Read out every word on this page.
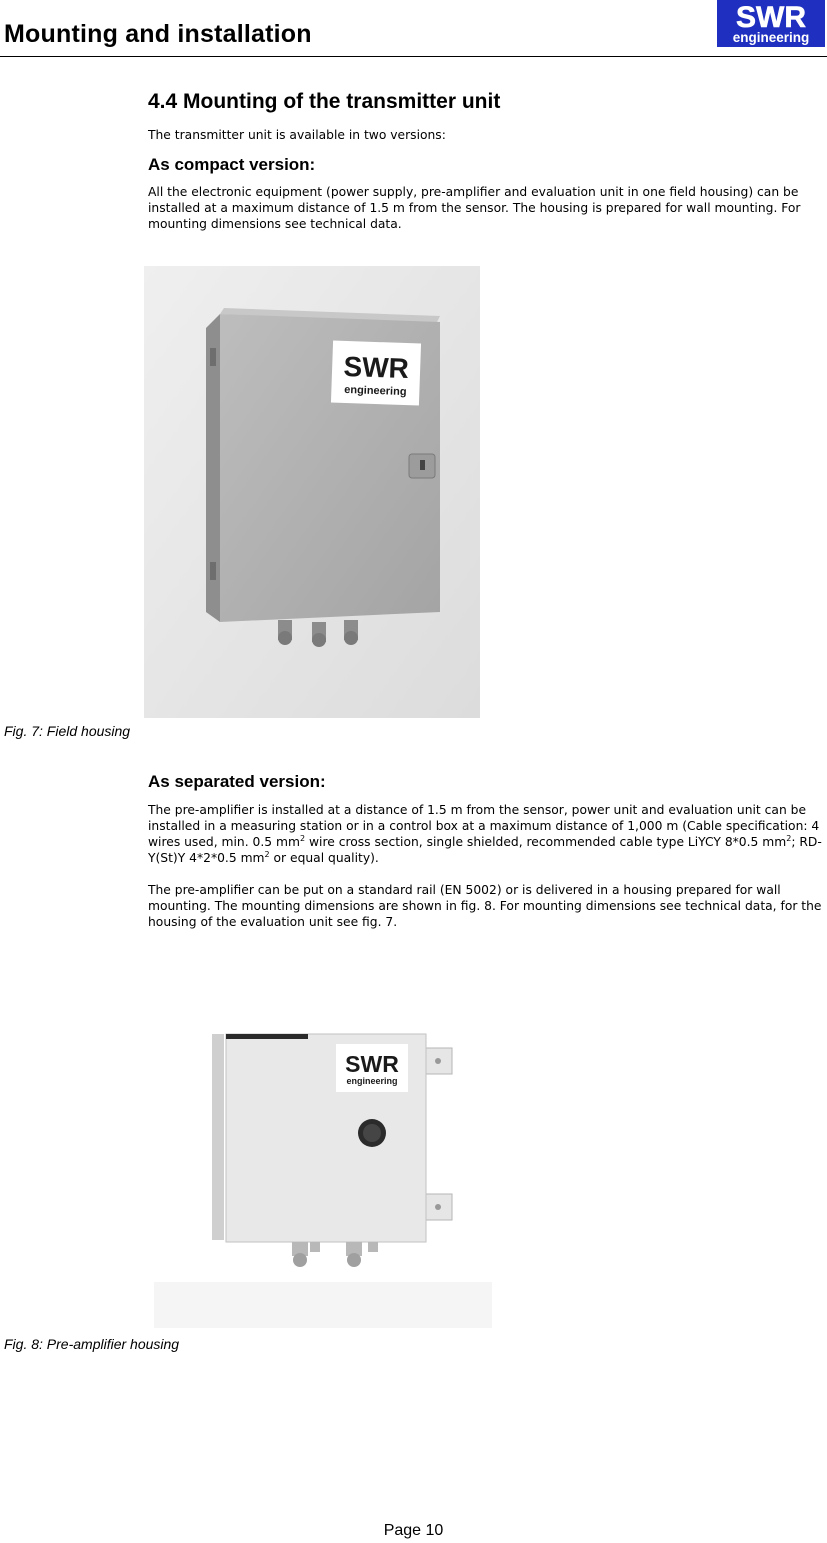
Mounting and installation	SWR
engineering
4.4 Mounting of the transmitter unit
The transmitter unit is available in two versions:
As compact version:
All the electronic equipment (power supply, pre-amplifier and evaluation unit in one field housing) can be installed at a maximum distance of 1.5 m from the sensor. The housing is prepared for wall mounting. For mounting dimensions see technical data.
SWR
engineering
Fig. 7: Field housing
As separated version:
The pre-amplifier is installed at a distance of 1.5 m from the sensor, power unit and evaluation unit can be installed in a measuring station or in a control box at a maximum distance of 1,000 m (Cable specification: 4 wires used, min. 0.5 $mm^2$ wire cross section, single shielded, recommended cable type LiYCY 8*0.5 $mm^2$; RD-Y(St)Y 4*2*0.5 $mm^2$ or equal quality).
The pre-amplifier can be put on a standard rail (EN 5002) or is delivered in a housing prepared for wall mounting. The mounting dimensions are shown in fig. 8. For mounting dimensions see technical data, for the housing of the evaluation unit see fig. 7.
SWR
engineering
Fig. 8: Pre-amplifier housing
Page 10
